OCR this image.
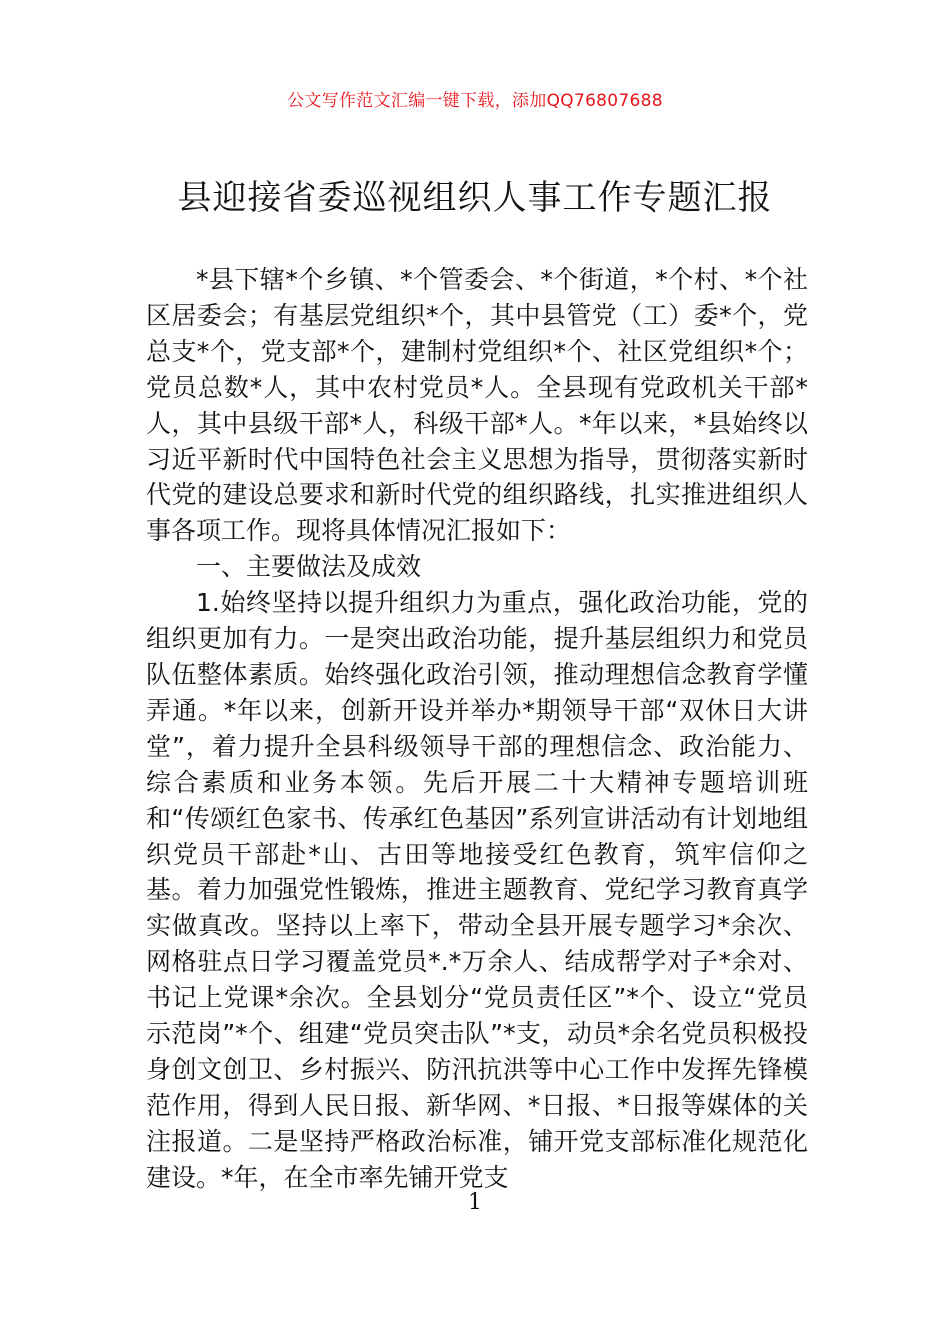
公文写作范文汇编一键下载，添加QQ76807688
县迎接省委巡视组织人事工作专题汇报

*县下辖*个乡镇、*个管委会、*个街道，*个村、*个社区居委会；有基层党组织*个，其中县管党（工）委*个，党总支*个，党支部*个，建制村党组织*个、社区党组织*个；党员总数*人，其中农村党员*人。全县现有党政机关干部*人，其中县级干部*人，科级干部*人。*年以来，*县始终以习近平新时代中国特色社会主义思想为指导，贯彻落实新时代党的建设总要求和新时代党的组织路线，扎实推进组织人事各项工作。现将具体情况汇报如下：

一、主要做法及成效

1.始终坚持以提升组织力为重点，强化政治功能，党的组织更加有力。一是突出政治功能，提升基层组织力和党员队伍整体素质。始终强化政治引领，推动理想信念教育学懂弄通。*年以来，创新开设并举办*期领导干部“双休日大讲堂”，着力提升全县科级领导干部的理想信念、政治能力、综合素质和业务本领。先后开展二十大精神专题培训班和“传颂红色家书、传承红色基因”系列宣讲活动有计划地组织党员干部赴*山、古田等地接受红色教育，筑牢信仰之基。着力加强党性锻炼，推进主题教育、党纪学习教育真学实做真改。坚持以上率下，带动全县开展专题学习*余次、网格驻点日学习覆盖党员*.*万余人、结成帮学对子*余对、书记上党课*余次。全县划分“党员责任区”*个、设立“党员示范岗”*个、组建“党员突击队”*支，动员*余名党员积极投身创文创卫、乡村振兴、防汛抗洪等中心工作中发挥先锋模范作用，得到人民日报、新华网、*日报、*日报等媒体的关注报道。二是坚持严格政治标准，铺开党支部标准化规范化建设。*年，在全市率先铺开党支

1
